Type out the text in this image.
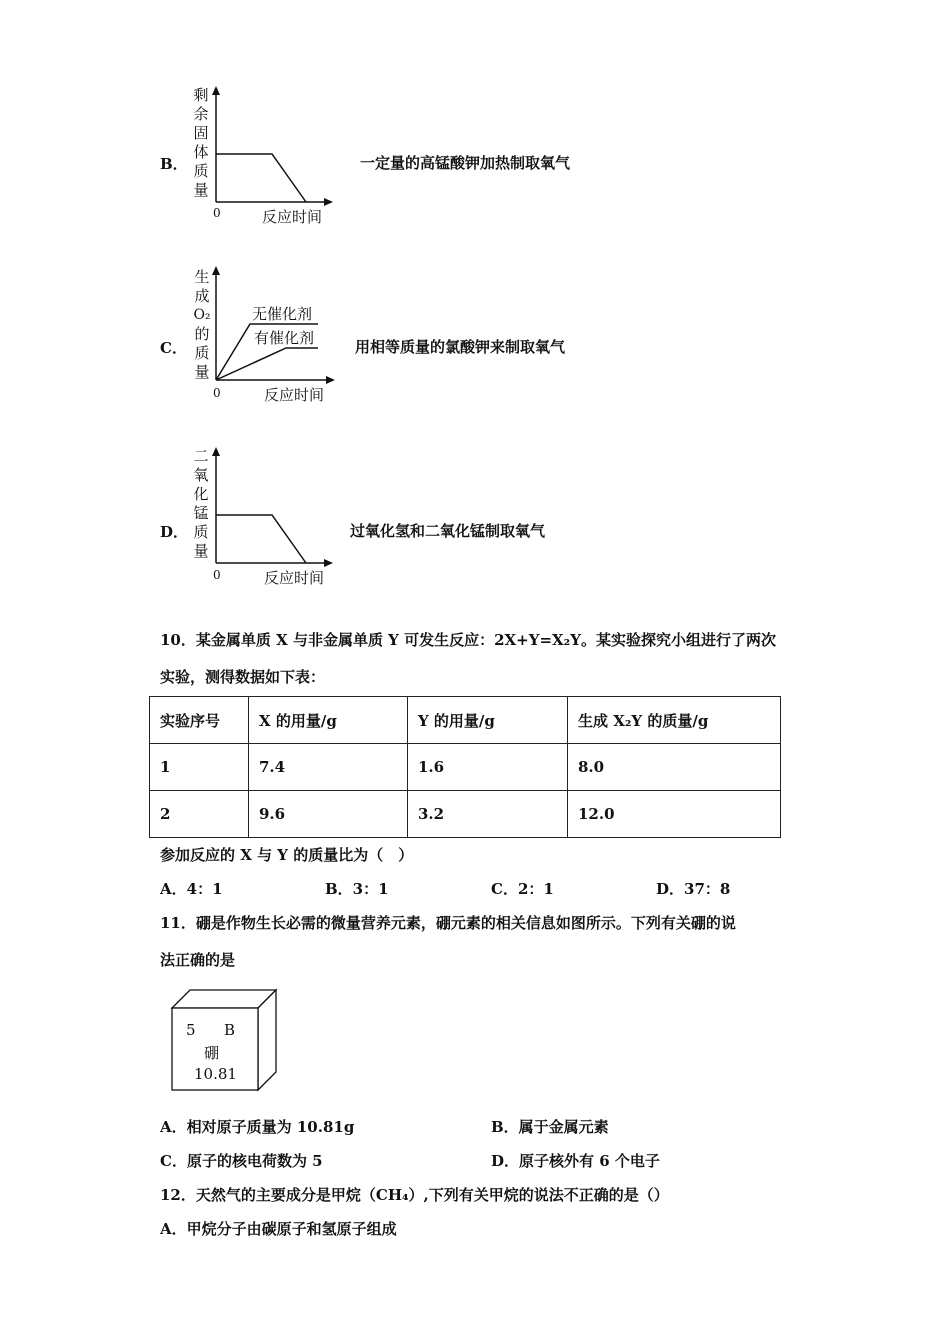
B．
剩余固体质量
0	反应时间
一定量的高锰酸钾加热制取氧气
C．
生
成
O₂
的
质
量
无催化剂
有催化剂
0	反应时间
用相等质量的氯酸钾来制取氧气
D．
二氧化锰质量
0	反应时间
过氧化氢和二氧化锰制取氧气
10．某金属单质 X 与非金属单质 Y 可发生反应：2X+Y=X₂Y。某实验探究小组进行了两次
实验，测得数据如下表：
实验序号	X 的用量/g	Y 的用量/g	生成 X₂Y 的质量/g
1	7.4	1.6	8.0
2	9.6	3.2	12.0
参加反应的 X 与 Y 的质量比为（　）
A．4：1	B．3：1	C．2：1	D．37：8
11．硼是作物生长必需的微量营养元素，硼元素的相关信息如图所示。下列有关硼的说
法正确的是
5 B
硼
10.81
A．相对原子质量为 10.81g	B．属于金属元素
C．原子的核电荷数为 5	D．原子核外有 6 个电子
12．天然气的主要成分是甲烷（CH₄）,下列有关甲烷的说法不正确的是（）
A．甲烷分子由碳原子和氢原子组成
